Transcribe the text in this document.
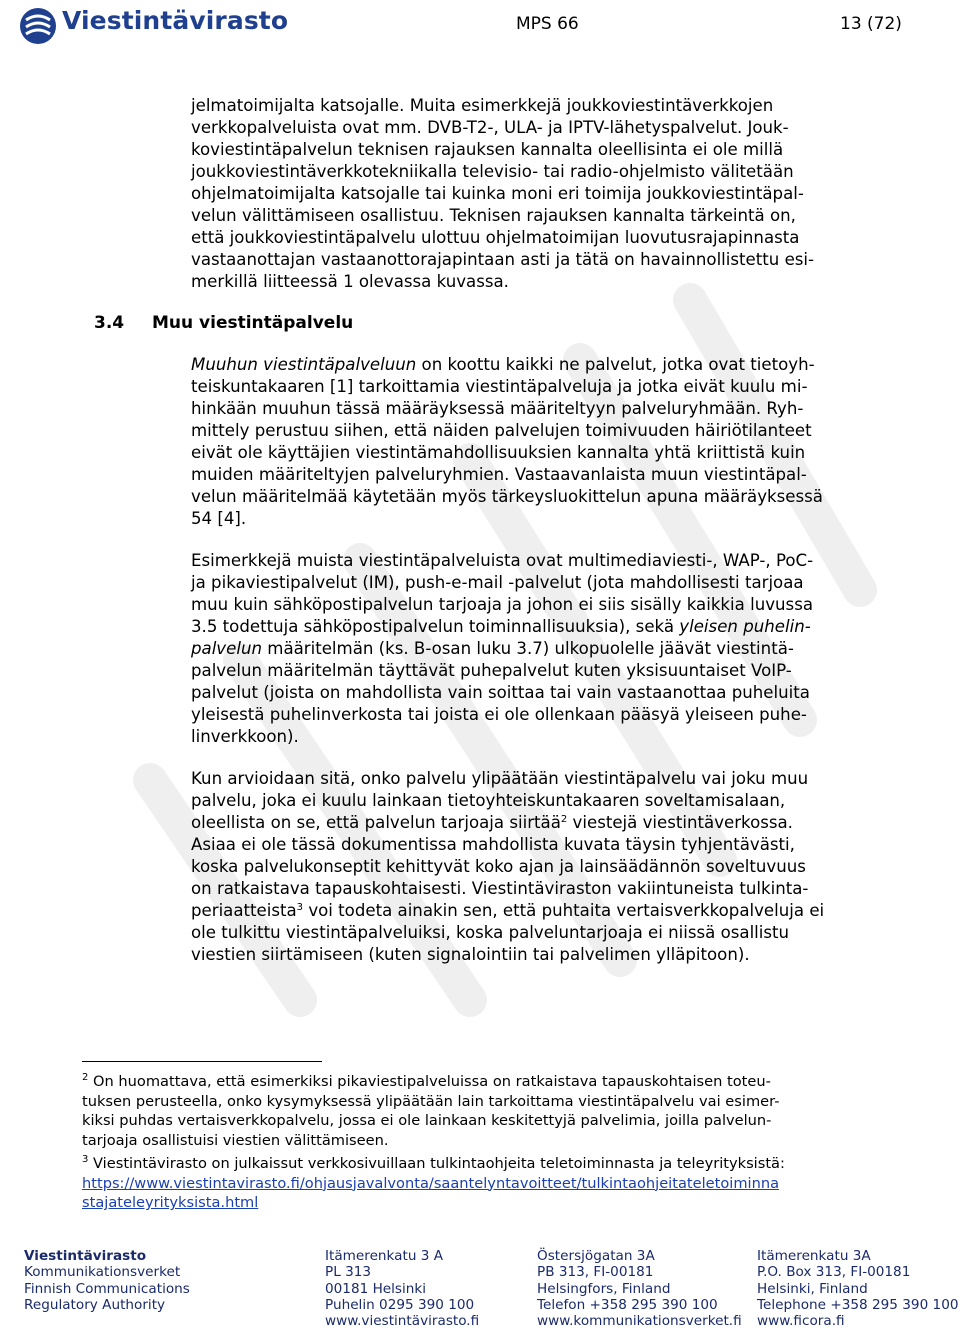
Viestintävirasto	MPS 66	13 (72)
jelmatoimijalta katsojalle. Muita esimerkkejä joukkoviestintäverkkojen
verkkopalveluista ovat mm. DVB-T2-, ULA- ja IPTV-lähetyspalvelut. Jouk-
koviestintäpalvelun teknisen rajauksen kannalta oleellisinta ei ole millä
joukkoviestintäverkkotekniikalla televisio- tai radio-ohjelmisto välitetään
ohjelmatoimijalta katsojalle tai kuinka moni eri toimija joukkoviestintäpal-
velun välittämiseen osallistuu. Teknisen rajauksen kannalta tärkeintä on,
että joukkoviestintäpalvelu ulottuu ohjelmatoimijan luovutusrajapinnasta
vastaanottajan vastaanottorajapintaan asti ja tätä on havainnollistettu esi-
merkillä liitteessä 1 olevassa kuvassa.
3.4 Muu viestintäpalvelu
Muuhun viestintäpalveluun on koottu kaikki ne palvelut, jotka ovat tietoyh-
teiskuntakaaren [1] tarkoittamia viestintäpalveluja ja jotka eivät kuulu mi-
hinkään muuhun tässä määräyksessä määriteltyyn palveluryhmään. Ryh-
mittely perustuu siihen, että näiden palvelujen toimivuuden häiriötilanteet
eivät ole käyttäjien viestintämahdollisuuksien kannalta yhtä kriittistä kuin
muiden määriteltyjen palveluryhmien. Vastaavanlaista muun viestintäpal-
velun määritelmää käytetään myös tärkeysluokittelun apuna määräyksessä
54 [4].
Esimerkkejä muista viestintäpalveluista ovat multimediaviesti-, WAP-, PoC-
ja pikaviestipalvelut (IM), push-e-mail -palvelut (jota mahdollisesti tarjoaa
muu kuin sähköpostipalvelun tarjoaja ja johon ei siis sisälly kaikkia luvussa
3.5 todettuja sähköpostipalvelun toiminnallisuuksia), sekä yleisen puhelin-
palvelun määritelmän (ks. B-osan luku 3.7) ulkopuolelle jäävät viestintä-
palvelun määritelmän täyttävät puhepalvelut kuten yksisuuntaiset VoIP-
palvelut (joista on mahdollista vain soittaa tai vain vastaanottaa puheluita
yleisestä puhelinverkosta tai joista ei ole ollenkaan pääsyä yleiseen puhe-
linverkkoon).
Kun arvioidaan sitä, onko palvelu ylipäätään viestintäpalvelu vai joku muu
palvelu, joka ei kuulu lainkaan tietoyhteiskuntakaaren soveltamisalaan,
oleellista on se, että palvelun tarjoaja siirtää$^2$ viestejä viestintäverkossa.
Asiaa ei ole tässä dokumentissa mahdollista kuvata täysin tyhjentävästi,
koska palvelukonseptit kehittyvät koko ajan ja lainsäädännön soveltuvuus
on ratkaistava tapauskohtaisesti. Viestintäviraston vakiintuneista tulkinta-
periaatteista$^3$ voi todeta ainakin sen, että puhtaita vertaisverkkopalveluja ei
ole tulkittu viestintäpalveluiksi, koska palveluntarjoaja ei niissä osallistu
viestien siirtämiseen (kuten signalointiin tai palvelimen ylläpitoon).
$^2$ On huomattava, että esimerkiksi pikaviestipalveluissa on ratkaistava tapauskohtaisen toteu-
tuksen perusteella, onko kysymyksessä ylipäätään lain tarkoittama viestintäpalvelu vai esimer-
kiksi puhdas vertaisverkkopalvelu, jossa ei ole lainkaan keskitettyjä palvelimia, joilla palvelun-
tarjoaja osallistuisi viestien välittämiseen.
$^3$ Viestintävirasto on julkaissut verkkosivuillaan tulkintaohjeita teletoiminnasta ja teleyrityksistä:
https://www.viestintavirasto.fi/ohjausjavalvonta/saantelyntavoitteet/tulkintaohjeitateletoiminna
stajateleyrityksista.html
Viestintävirasto
Kommunikationsverket
Finnish Communications
Regulatory Authority
Itämerenkatu 3 A
PL 313
00181 Helsinki
Puhelin 0295 390 100
www.viestintävirasto.fi
Östersjögatan 3A
PB 313, FI-00181
Helsingfors, Finland
Telefon +358 295 390 100
www.kommunikationsverket.fi
Itämerenkatu 3A
P.O. Box 313, FI-00181
Helsinki, Finland
Telephone +358 295 390 100
www.ficora.fi
